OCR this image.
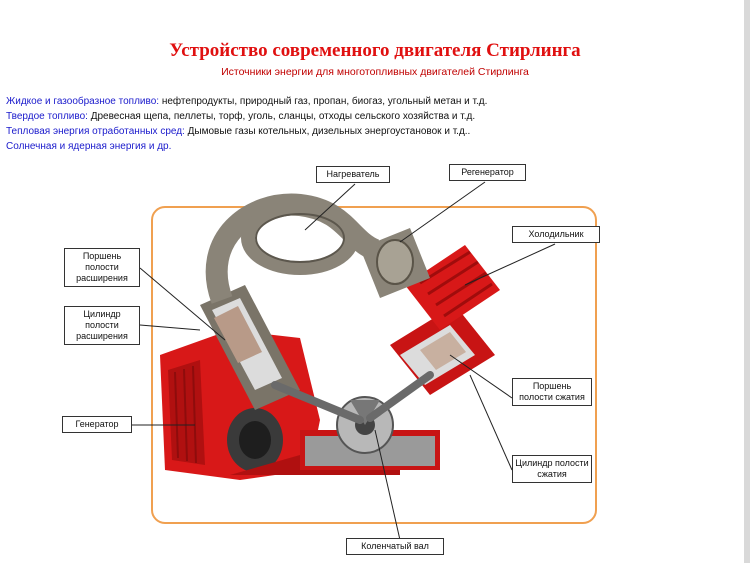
Устройство современного двигателя Стирлинга
Источники энергии для многотопливных двигателей Стирлинга
Жидкое и газообразное топливо: нефтепродукты, природный газ, пропан, биогаз, угольный метан и т.д.
Твердое топливо: Древесная щепа, пеллеты, торф, уголь, сланцы, отходы сельского хозяйства и т.д.
Тепловая энергия отработанных сред: Дымовые газы котельных, дизельных энергоустановок и т.д..
Солнечная и ядерная энергия и др.
Нагреватель	Регенератор
Холодильник
Поршень полости расширения
Цилиндр полости расширения
Генератор
Поршень полости сжатия
Цилиндр полости сжатия
Коленчатый вал
